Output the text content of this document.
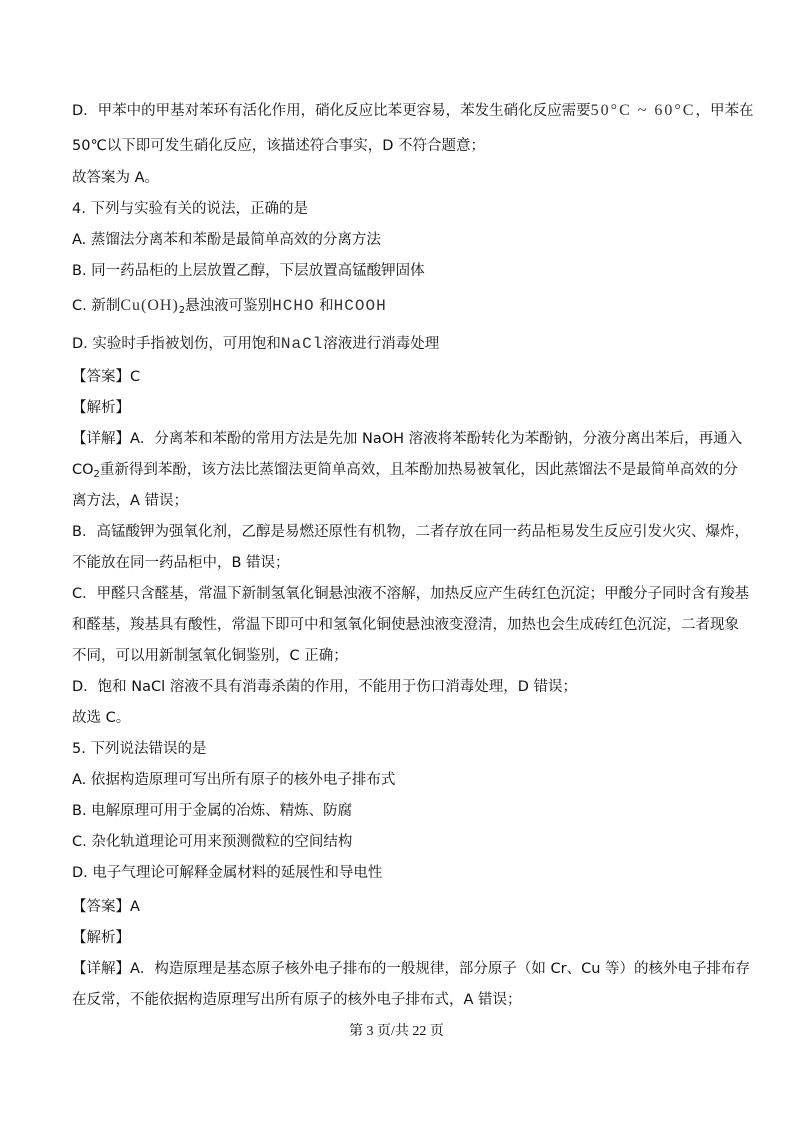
D．甲苯中的甲基对苯环有活化作用，硝化反应比苯更容易，苯发生硝化反应需要50°C ~ 60°C，甲苯在
50℃以下即可发生硝化反应，该描述符合事实，D 不符合题意；
故答案为 A。
4. 下列与实验有关的说法，正确的是
A. 蒸馏法分离苯和苯酚是最简单高效的分离方法
B. 同一药品柜的上层放置乙醇，下层放置高锰酸钾固体
C. 新制$Cu(OH)_2$悬浊液可鉴别HCHO 和HCOOH
D. 实验时手指被划伤，可用饱和NaCl溶液进行消毒处理
【答案】C
【解析】
【详解】A．分离苯和苯酚的常用方法是先加 NaOH 溶液将苯酚转化为苯酚钠，分液分离出苯后，再通入
$CO_2$重新得到苯酚，该方法比蒸馏法更简单高效，且苯酚加热易被氧化，因此蒸馏法不是最简单高效的分
离方法，A 错误；
B．高锰酸钾为强氧化剂，乙醇是易燃还原性有机物，二者存放在同一药品柜易发生反应引发火灾、爆炸，
不能放在同一药品柜中，B 错误；
C．甲醛只含醛基，常温下新制氢氧化铜悬浊液不溶解，加热反应产生砖红色沉淀；甲酸分子同时含有羧基
和醛基，羧基具有酸性，常温下即可中和氢氧化铜使悬浊液变澄清，加热也会生成砖红色沉淀，二者现象
不同，可以用新制氢氧化铜鉴别，C 正确；
D．饱和 NaCl 溶液不具有消毒杀菌的作用，不能用于伤口消毒处理，D 错误；
故选 C。
5. 下列说法错误的是
A. 依据构造原理可写出所有原子的核外电子排布式
B. 电解原理可用于金属的冶炼、精炼、防腐
C. 杂化轨道理论可用来预测微粒的空间结构
D. 电子气理论可解释金属材料的延展性和导电性
【答案】A
【解析】
【详解】A．构造原理是基态原子核外电子排布的一般规律，部分原子（如 Cr、Cu 等）的核外电子排布存
在反常，不能依据构造原理写出所有原子的核外电子排布式，A 错误；
第 3 页/共 22 页
